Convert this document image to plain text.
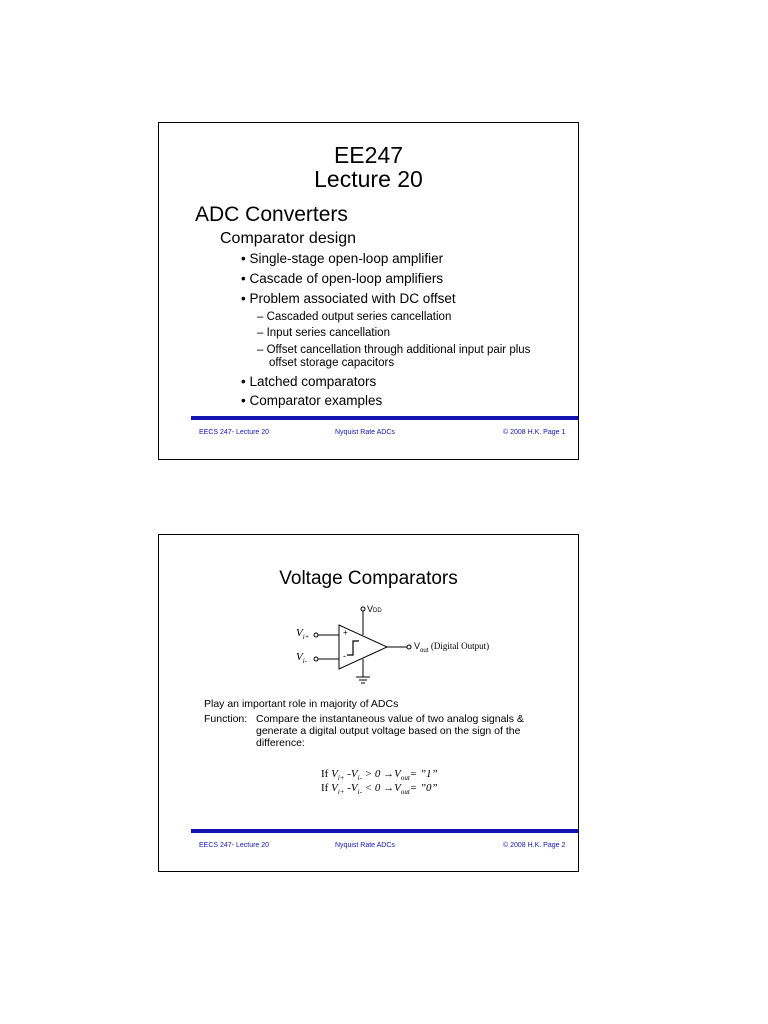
EE247
Lecture 20
ADC Converters
Comparator design
• Single-stage open-loop amplifier
• Cascade of open-loop amplifiers
• Problem associated with DC offset
– Cascaded output series cancellation
– Input series cancellation
– Offset cancellation through additional input pair plus
offset storage capacitors
• Latched comparators
• Comparator examples
EECS 247- Lecture 20	Nyquist Rate ADCs	© 2008 H.K. Page 1
Voltage Comparators
VDD
+
-
$V_{i+}$
$V_{i-}$
$V_{out}$ (Digital Output)
Play an important role in majority of ADCs
Function: Compare the instantaneous value of two analog signals &
generate a digital output voltage based on the sign of the
difference:
If $V_{i+}$ $-V_{i-} > 0 \to V_{out}=$ ”1”
If $V_{i+}$ $-V_{i-} < 0 \to V_{out}=$ ”0”
EECS 247- Lecture 20	Nyquist Rate ADCs	© 2008 H.K. Page 2
